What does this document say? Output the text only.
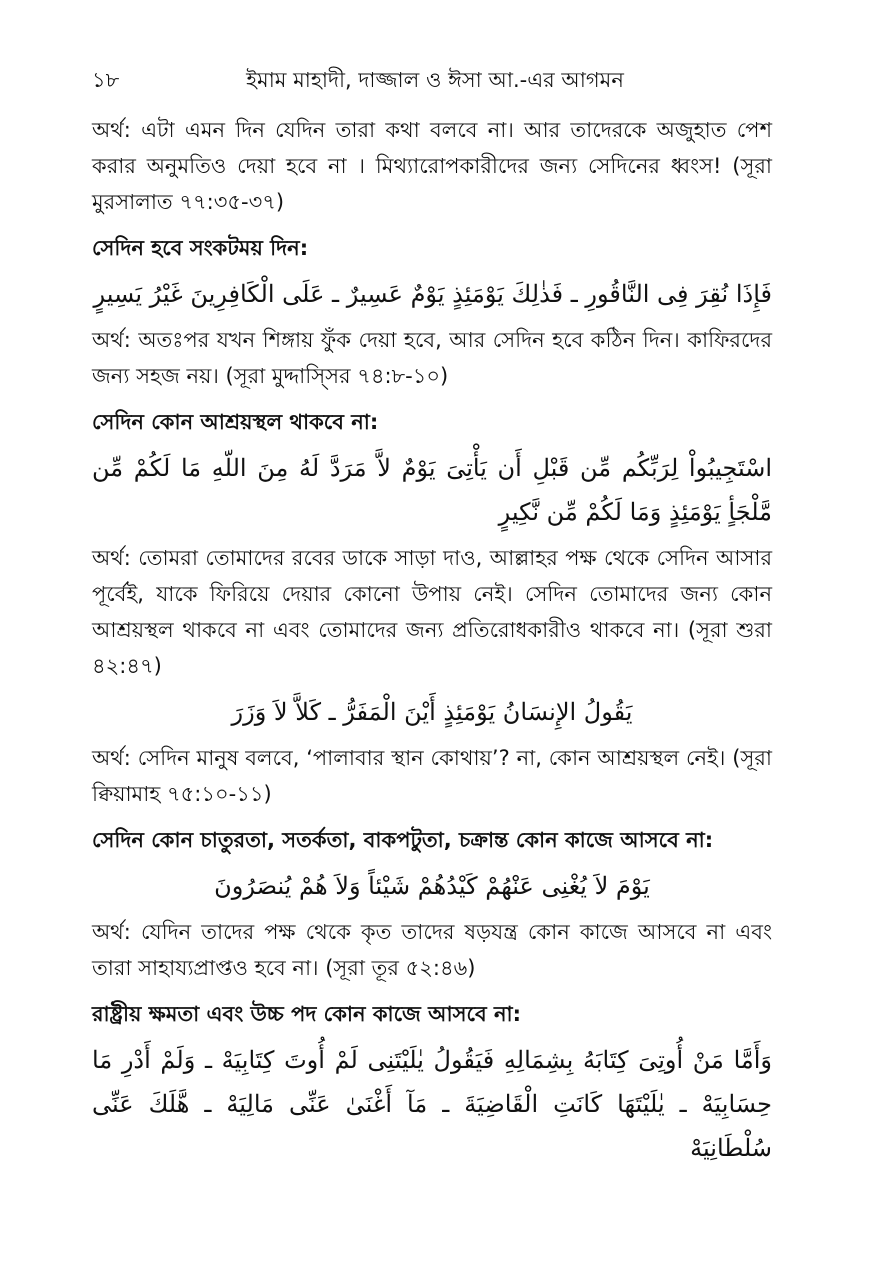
১৮	ইমাম মাহাদী, দাজ্জাল ও ঈসা আ.-এর আগমন

অর্থ: এটা এমন দিন যেদিন তারা কথা বলবে না। আর তাদেরকে অজুহাত পেশ করার অনুমতিও দেয়া হবে না । মিথ্যারোপকারীদের জন্য সেদিনের ধ্বংস! (সূরা মুরসালাত ৭৭:৩৫-৩৭)

সেদিন হবে সংকটময় দিন:

فَإِذَا نُقِرَ فِى النَّاقُورِ ـ فَذٰلِكَ يَوْمَئِذٍ يَوْمٌ عَسِيرٌ ـ عَلَى الْكَافِرِينَ غَيْرُ يَسِيرٍ

অর্থ: অতঃপর যখন শিঙ্গায় ফুঁক দেয়া হবে, আর সেদিন হবে কঠিন দিন। কাফিরদের জন্য সহজ নয়। (সূরা মুদ্দাস্সির ৭৪:৮-১০)

সেদিন কোন আশ্রয়স্থল থাকবে না:

اسْتَجِيبُواْ لِرَبِّكُم مِّن قَبْلِ أَن يَأْتِىَ يَوْمٌ لاَّ مَرَدَّ لَهُ مِنَ اللّهِ مَا لَكُمْ مِّن مَّلْجَأٍ يَوْمَئِذٍ وَمَا لَكُمْ مِّن نَّكِيرٍ

অর্থ: তোমরা তোমাদের রবের ডাকে সাড়া দাও, আল্লাহর পক্ষ থেকে সেদিন আসার পূর্বেই, যাকে ফিরিয়ে দেয়ার কোনো উপায় নেই। সেদিন তোমাদের জন্য কোন আশ্রয়স্থল থাকবে না এবং তোমাদের জন্য প্রতিরোধকারীও থাকবে না। (সূরা শুরা ৪২:৪৭)

يَقُولُ الإِنسَانُ يَوْمَئِذٍ أَيْنَ الْمَفَرُّ ـ كَلاَّ لاَ وَزَرَ

অর্থ: সেদিন মানুষ বলবে, ‘পালাবার স্থান কোথায়’? না, কোন আশ্রয়স্থল নেই। (সূরা ক্বিয়ামাহ ৭৫:১০-১১)

সেদিন কোন চাতুরতা, সতর্কতা, বাকপটুতা, চক্রান্ত কোন কাজে আসবে না:

يَوْمَ لاَ يُغْنِى عَنْهُمْ كَيْدُهُمْ شَيْئاً وَلاَ هُمْ يُنصَرُونَ

অর্থ: যেদিন তাদের পক্ষ থেকে কৃত তাদের ষড়যন্ত্র কোন কাজে আসবে না এবং তারা সাহায্যপ্রাপ্তও হবে না। (সূরা তূর ৫২:৪৬)

রাষ্ট্রীয় ক্ষমতা এবং উচ্চ পদ কোন কাজে আসবে না:

وَأَمَّا مَنْ أُوتِىَ كِتَابَهُ بِشِمَالِهِ فَيَقُولُ يٰلَيْتَنِى لَمْ أُوتَ كِتَابِيَهْ ـ وَلَمْ أَدْرِ مَا حِسَابِيَهْ ـ يٰلَيْتَهَا كَانَتِ الْقَاضِيَةَ ـ مَآ أَغْنَىٰ عَنِّى مَالِيَهْ ـ هَّلَكَ عَنِّى سُلْطَانِيَهْ
